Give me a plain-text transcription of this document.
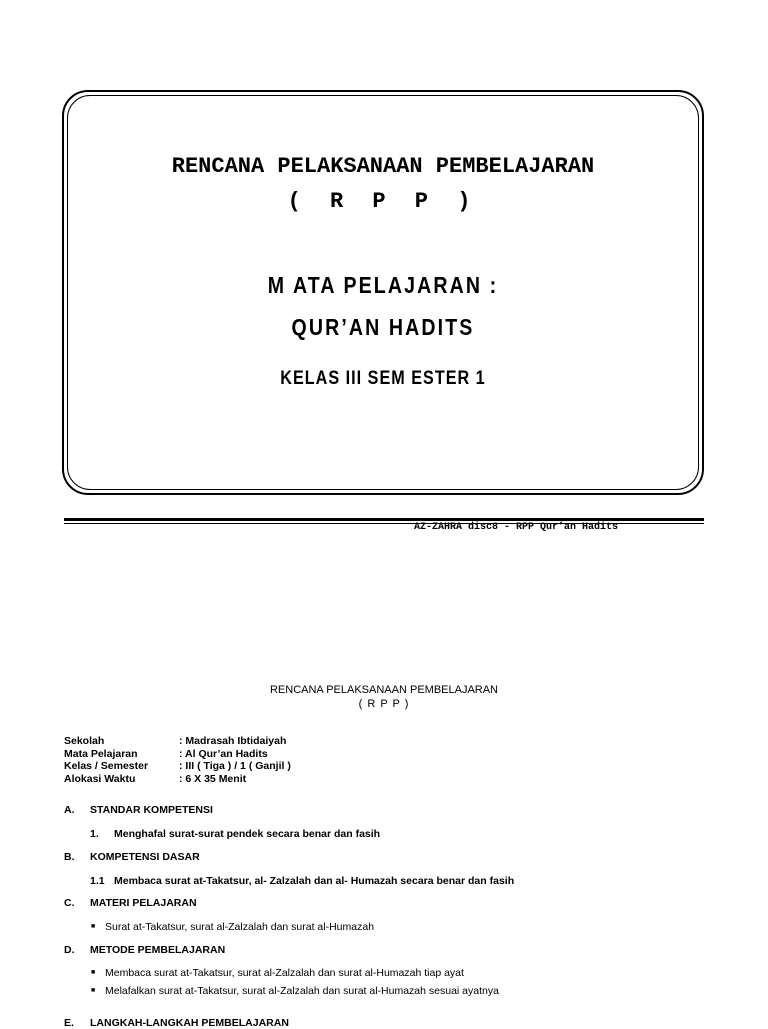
RENCANA PELAKSANAAN PEMBELAJARAN
( R P P )
M ATA PELAJARAN :
QUR’AN HADITS
KELAS III SEM ESTER 1
AZ-ZAHRA disc8 - RPP Qur’an Hadits
RENCANA PELAKSANAAN PEMBELAJARAN
( R P P )
Sekolah	: Madrasah Ibtidaiyah
Mata Pelajaran	: Al Qur’an Hadits
Kelas / Semester	: III ( Tiga ) / 1 ( Ganjil )
Alokasi Waktu	: 6 X 35 Menit
A. STANDAR KOMPETENSI
1. Menghafal surat-surat pendek secara benar dan fasih
B. KOMPETENSI DASAR
1.1 Membaca surat at-Takatsur, al- Zalzalah dan al- Humazah secara benar dan fasih
C. MATERI PELAJARAN
■ Surat at-Takatsur, surat al-Zalzalah dan surat al-Humazah
D. METODE PEMBELAJARAN
■ Membaca surat at-Takatsur, surat al-Zalzalah dan surat al-Humazah tiap ayat
■ Melafalkan surat at-Takatsur, surat al-Zalzalah dan surat al-Humazah sesuai ayatnya
E. LANGKAH-LANGKAH PEMBELAJARAN
